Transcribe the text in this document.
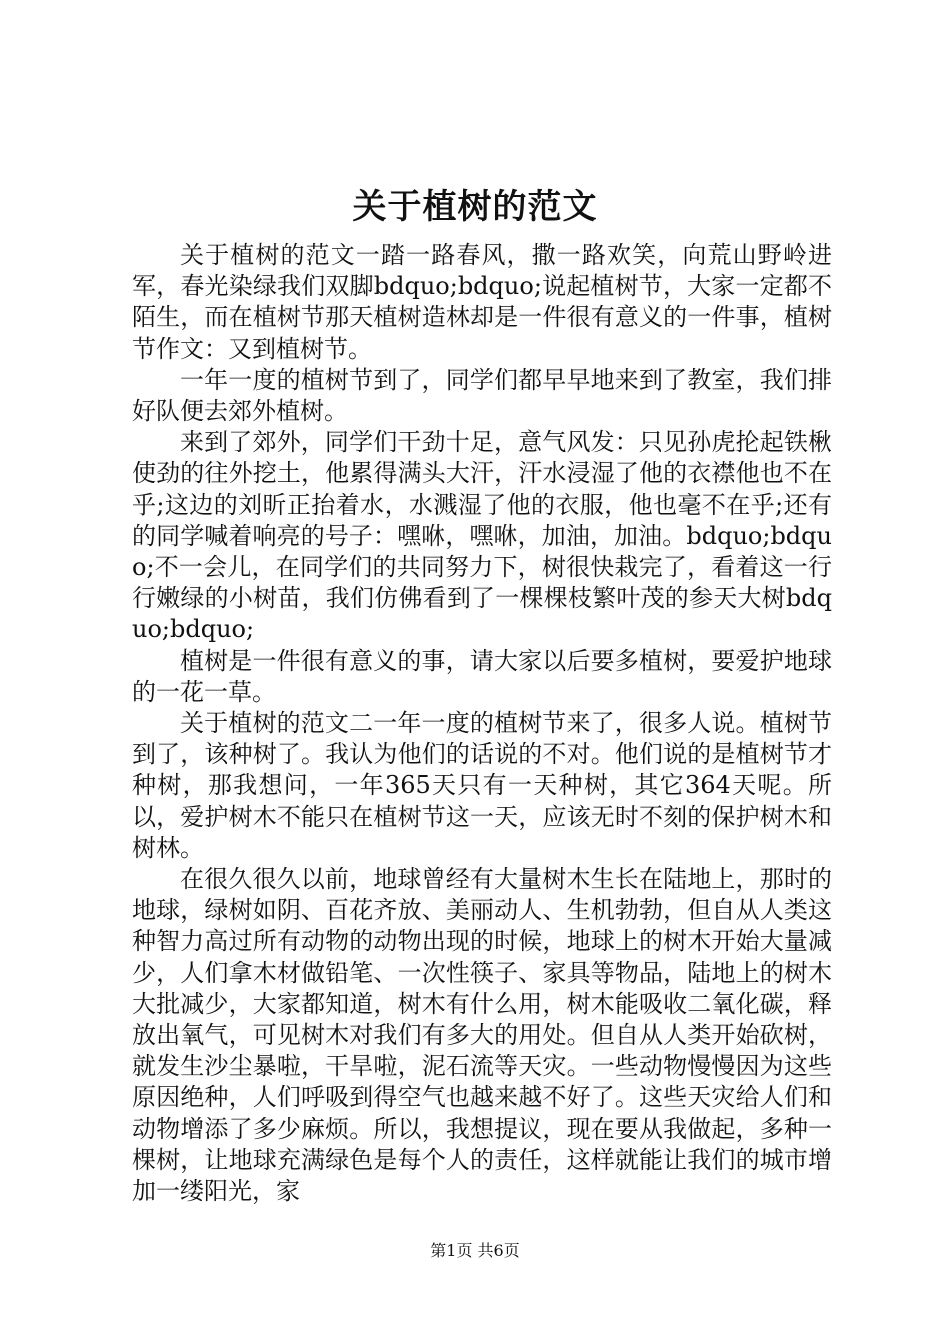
关于植树的范文

关于植树的范文一踏一路春风，撒一路欢笑，向荒山野岭进军，春光染绿我们双脚bdquo;bdquo;说起植树节，大家一定都不陌生，而在植树节那天植树造林却是一件很有意义的一件事，植树节作文：又到植树节。

一年一度的植树节到了，同学们都早早地来到了教室，我们排好队便去郊外植树。

来到了郊外，同学们干劲十足，意气风发：只见孙虎抡起铁楸使劲的往外挖土，他累得满头大汗，汗水浸湿了他的衣襟他也不在乎;这边的刘昕正抬着水，水溅湿了他的衣服，他也毫不在乎;还有的同学喊着响亮的号子：嘿咻，嘿咻，加油，加油。bdquo;bdquo;不一会儿，在同学们的共同努力下，树很快栽完了，看着这一行行嫩绿的小树苗，我们仿佛看到了一棵棵枝繁叶茂的参天大树bdquo;bdquo;

植树是一件很有意义的事，请大家以后要多植树，要爱护地球的一花一草。

关于植树的范文二一年一度的植树节来了，很多人说。植树节到了，该种树了。我认为他们的话说的不对。他们说的是植树节才种树，那我想问，一年365天只有一天种树，其它364天呢。所以，爱护树木不能只在植树节这一天，应该无时不刻的保护树木和树林。

在很久很久以前，地球曾经有大量树木生长在陆地上，那时的地球，绿树如阴、百花齐放、美丽动人、生机勃勃，但自从人类这种智力高过所有动物的动物出现的时候，地球上的树木开始大量减少，人们拿木材做铅笔、一次性筷子、家具等物品，陆地上的树木大批减少，大家都知道，树木有什么用，树木能吸收二氧化碳，释放出氧气，可见树木对我们有多大的用处。但自从人类开始砍树，就发生沙尘暴啦，干旱啦，泥石流等天灾。一些动物慢慢因为这些原因绝种，人们呼吸到得空气也越来越不好了。这些天灾给人们和动物增添了多少麻烦。所以，我想提议，现在要从我做起，多种一棵树，让地球充满绿色是每个人的责任，这样就能让我们的城市增加一缕阳光，家

第1页 共6页
